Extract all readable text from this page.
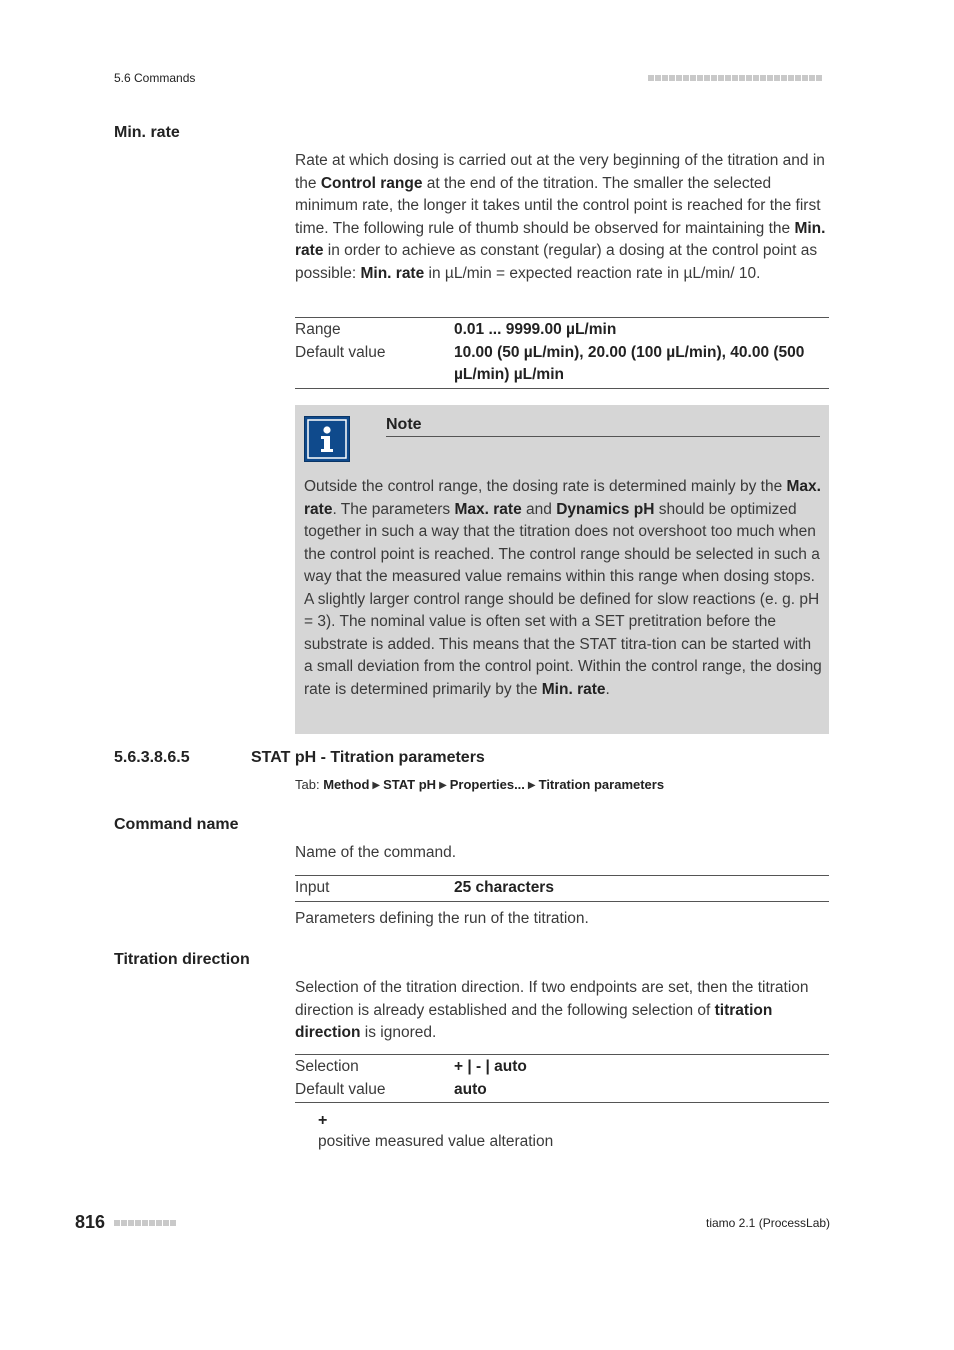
5.6 Commands
Min. rate
Rate at which dosing is carried out at the very beginning of the titration and in the Control range at the end of the titration. The smaller the selected minimum rate, the longer it takes until the control point is reached for the first time. The following rule of thumb should be observed for maintaining the Min. rate in order to achieve as constant (regular) a dosing at the control point as possible: Min. rate in µL/min = expected reaction rate in µL/min/ 10.
Range	0.01 ... 9999.00 µL/min
Default value	10.00 (50 µL/min), 20.00 (100 µL/min), 40.00 (500 µL/min) µL/min
Note
Outside the control range, the dosing rate is determined mainly by the Max. rate. The parameters Max. rate and Dynamics pH should be optimized together in such a way that the titration does not overshoot too much when the control point is reached. The control range should be selected in such a way that the measured value remains within this range when dosing stops. A slightly larger control range should be defined for slow reactions (e. g. pH = 3). The nominal value is often set with a SET pretitration before the substrate is added. This means that the STAT titra-tion can be started with a small deviation from the control point. Within the control range, the dosing rate is determined primarily by the Min. rate.
5.6.3.8.6.5	STAT pH - Titration parameters
Tab: Method ▶ STAT pH ▶ Properties... ▶ Titration parameters
Command name
Name of the command.
Input	25 characters
Parameters defining the run of the titration.
Titration direction
Selection of the titration direction. If two endpoints are set, then the titration direction is already established and the following selection of titration direction is ignored.
Selection	+ | - | auto
Default value	auto
+
positive measured value alteration
816	tiamo 2.1 (ProcessLab)
